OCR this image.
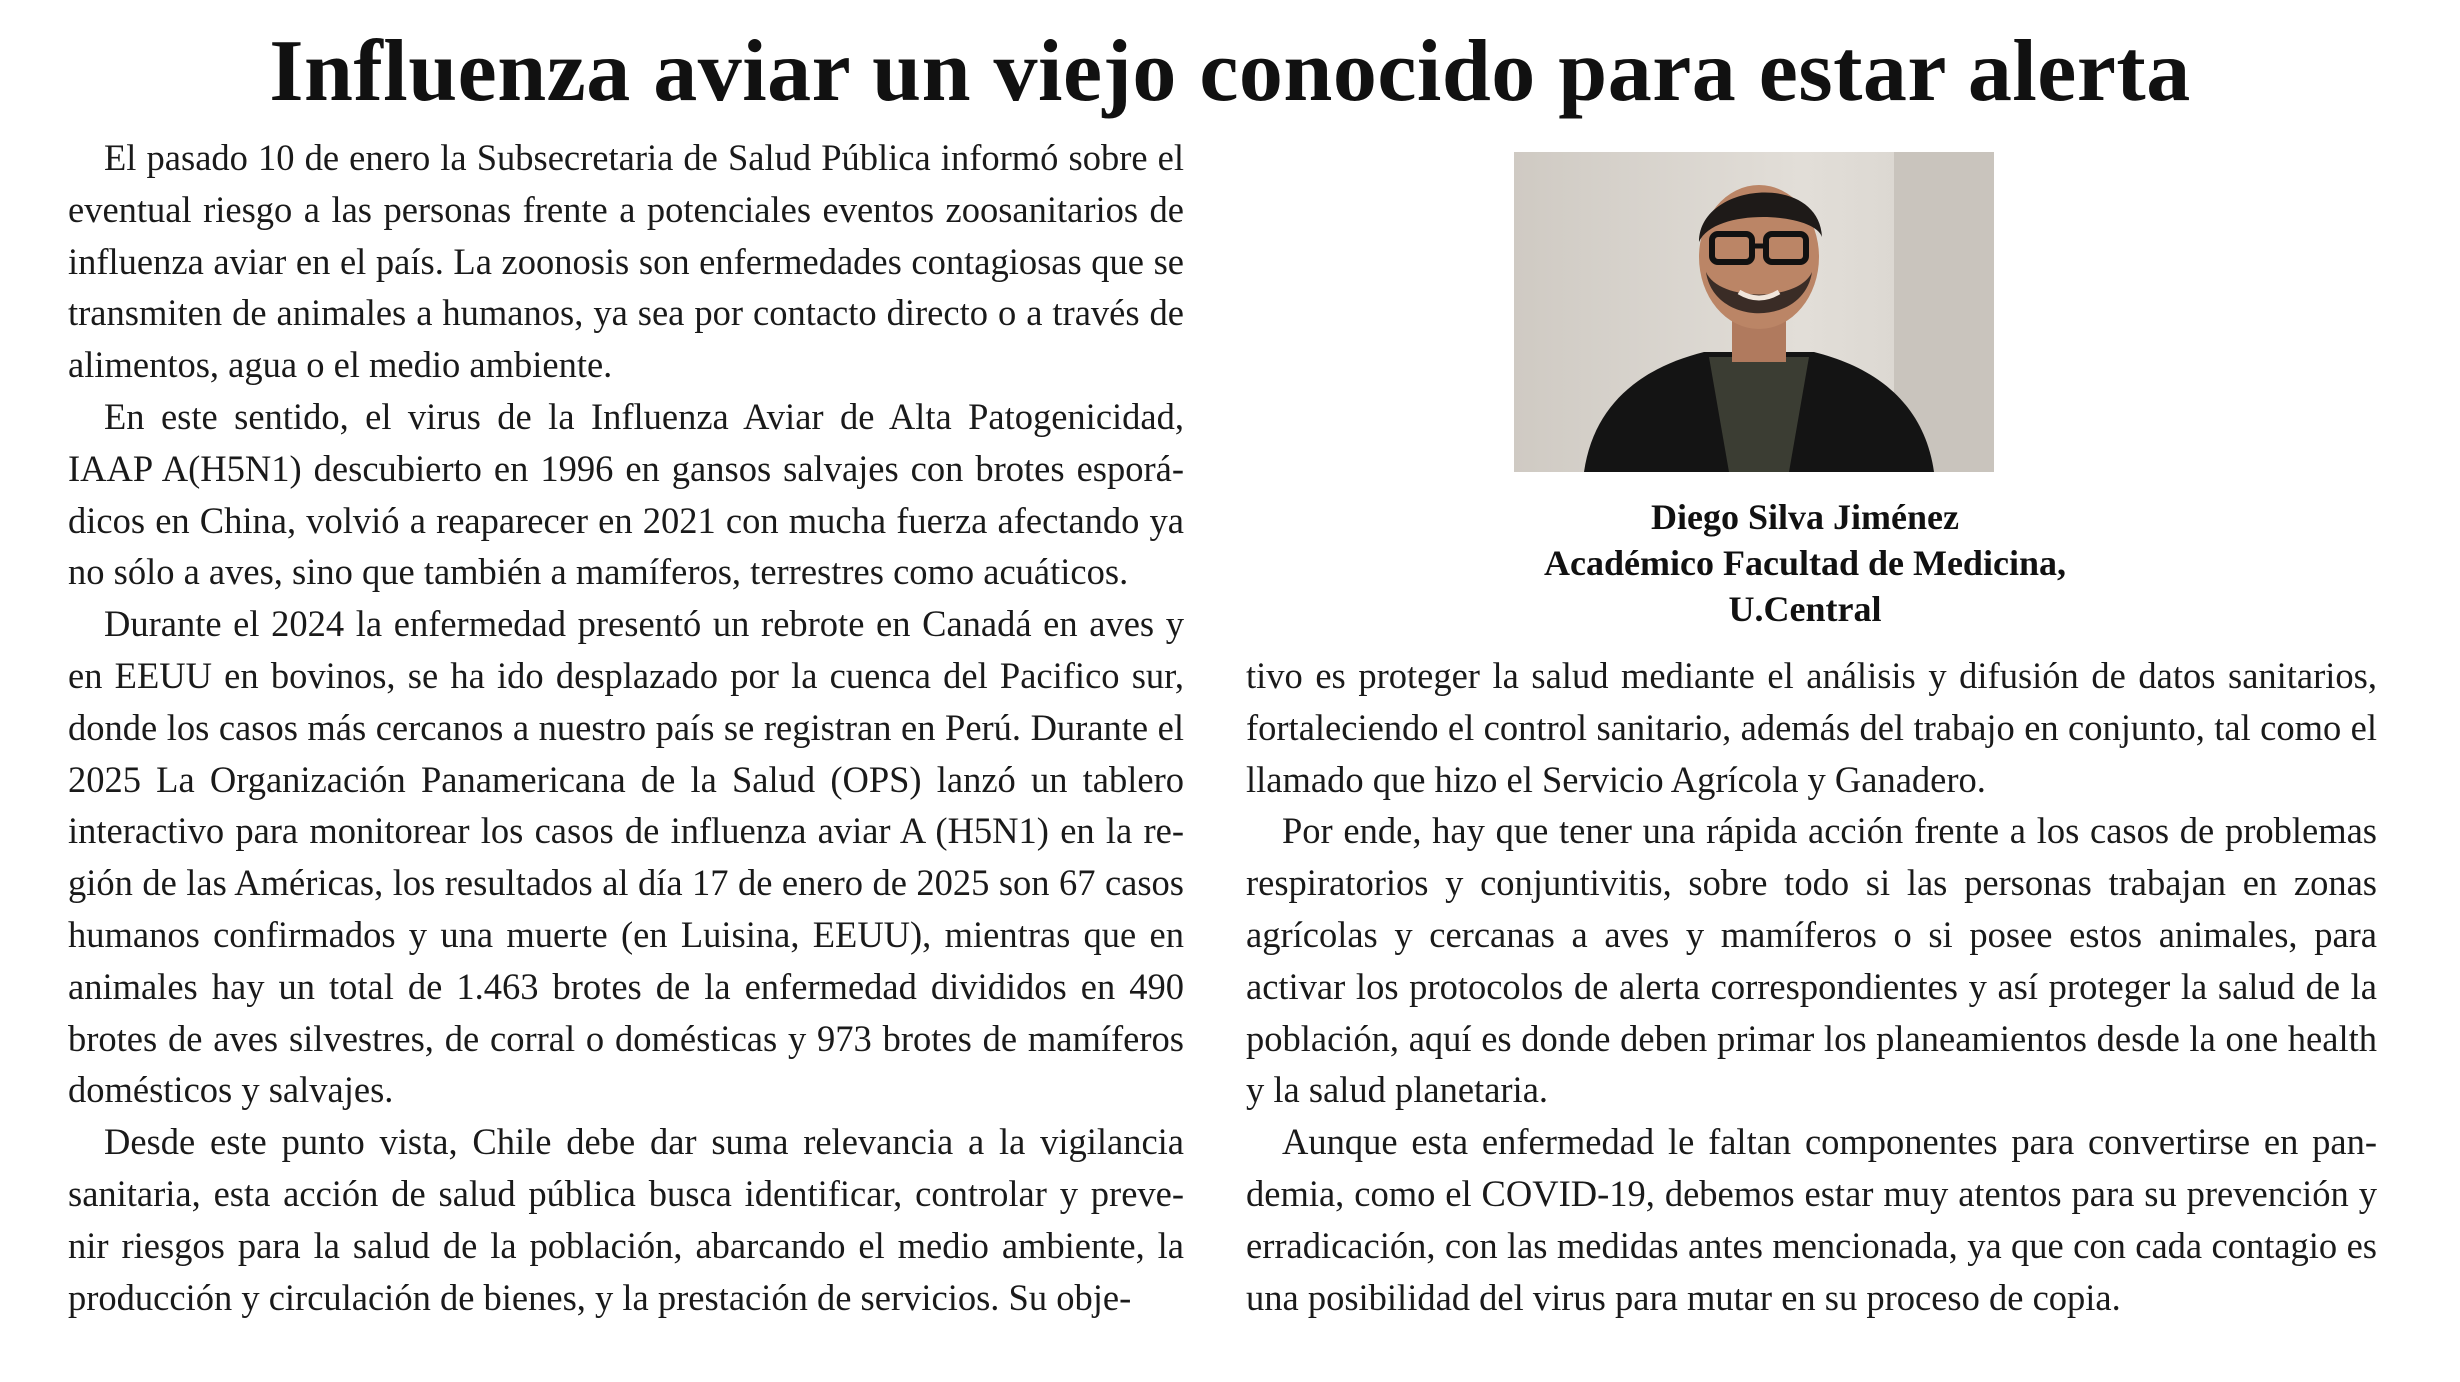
Influenza aviar un viejo conocido para estar alerta

El pasado 10 de enero la Subsecretaria de Salud Pública informó sobre el eventual riesgo a las personas frente a potenciales eventos zoosanitarios de influenza aviar en el país. La zoonosis son enfermedades contagiosas que se transmiten de animales a humanos, ya sea por contacto directo o a través de alimentos, agua o el medio ambiente.

En este sentido, el virus de la Influenza Aviar de Alta Patogenicidad, IAAP A(H5N1) descubierto en 1996 en gansos salvajes con brotes esporá-dicos en China, volvió a reaparecer en 2021 con mucha fuerza afectando ya no sólo a aves, sino que también a mamíferos, terrestres como acuáticos.

Durante el 2024 la enfermedad presentó un rebrote en Canadá en aves y en EEUU en bovinos, se ha ido desplazado por la cuenca del Pacifico sur, donde los casos más cercanos a nuestro país se registran en Perú. Durante el 2025 La Organización Panamericana de la Salud (OPS) lanzó un tablero interactivo para monitorear los casos de influenza aviar A (H5N1) en la re-gión de las Américas, los resultados al día 17 de enero de 2025 son 67 casos humanos confirmados y una muerte (en Luisina, EEUU), mientras que en animales hay un total de 1.463 brotes de la enfermedad divididos en 490 brotes de aves silvestres, de corral o domésticas y 973 brotes de mamíferos domésticos y salvajes.

Desde este punto vista, Chile debe dar suma relevancia a la vigilancia sanitaria, esta acción de salud pública busca identificar, controlar y preve-nir riesgos para la salud de la población, abarcando el medio ambiente, la producción y circulación de bienes, y la prestación de servicios. Su obje-

Diego Silva Jiménez
Académico Facultad de Medicina,
U.Central

tivo es proteger la salud mediante el análisis y difusión de datos sanitarios, fortaleciendo el control sanitario, además del trabajo en conjunto, tal como el llamado que hizo el Servicio Agrícola y Ganadero.

Por ende, hay que tener una rápida acción frente a los casos de problemas respiratorios y conjuntivitis, sobre todo si las personas trabajan en zonas agrícolas y cercanas a aves y mamíferos o si posee estos animales, para activar los protocolos de alerta correspondientes y así proteger la salud de la población, aquí es donde deben primar los planeamientos desde la one health y la salud planetaria.

Aunque esta enfermedad le faltan componentes para convertirse en pan-demia, como el COVID-19, debemos estar muy atentos para su prevención y erradicación, con las medidas antes mencionada, ya que con cada contagio es una posibilidad del virus para mutar en su proceso de copia.
